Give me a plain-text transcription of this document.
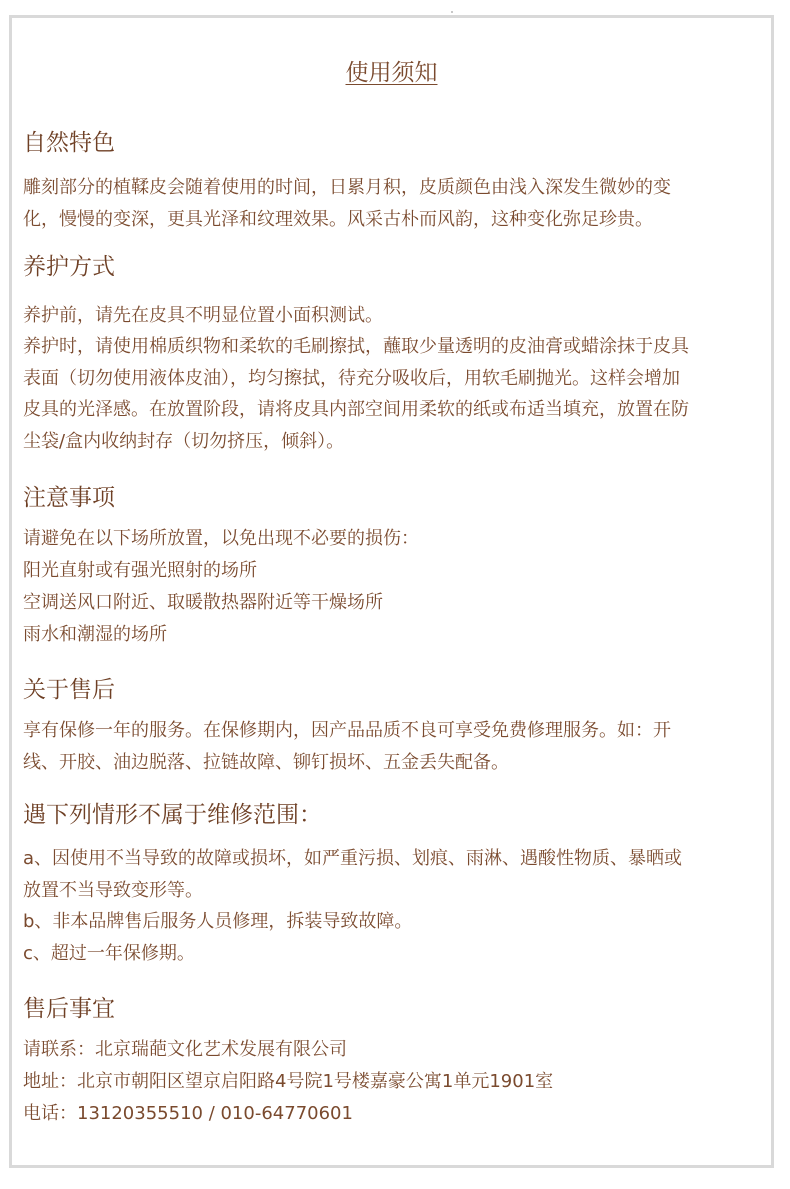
使用须知
自然特色

雕刻部分的植鞣皮会随着使用的时间，日累月积，皮质颜色由浅入深发生微妙的变
化，慢慢的变深，更具光泽和纹理效果。风采古朴而风韵，这种变化弥足珍贵。

养护方式

养护前，请先在皮具不明显位置小面积测试。

养护时，请使用棉质织物和柔软的毛刷擦拭，蘸取少量透明的皮油膏或蜡涂抹于皮具
表面（切勿使用液体皮油），均匀擦拭，待充分吸收后，用软毛刷抛光。这样会增加
皮具的光泽感。在放置阶段，请将皮具内部空间用柔软的纸或布适当填充，放置在防
尘袋/盒内收纳封存（切勿挤压，倾斜）。

注意事项

请避免在以下场所放置，以免出现不必要的损伤：

阳光直射或有强光照射的场所

空调送风口附近、取暖散热器附近等干燥场所

雨水和潮湿的场所

关于售后

享有保修一年的服务。在保修期内，因产品品质不良可享受免费修理服务。如：开
线、开胶、油边脱落、拉链故障、铆钉损坏、五金丢失配备。

遇下列情形不属于维修范围：

a、因使用不当导致的故障或损坏，如严重污损、划痕、雨淋、遇酸性物质、暴晒或
放置不当导致变形等。

b、非本品牌售后服务人员修理，拆装导致故障。

c、超过一年保修期。

售后事宜

请联系：北京瑞葩文化艺术发展有限公司

地址：北京市朝阳区望京启阳路4号院1号楼嘉豪公寓1单元1901室

电话：13120355510 / 010-64770601
